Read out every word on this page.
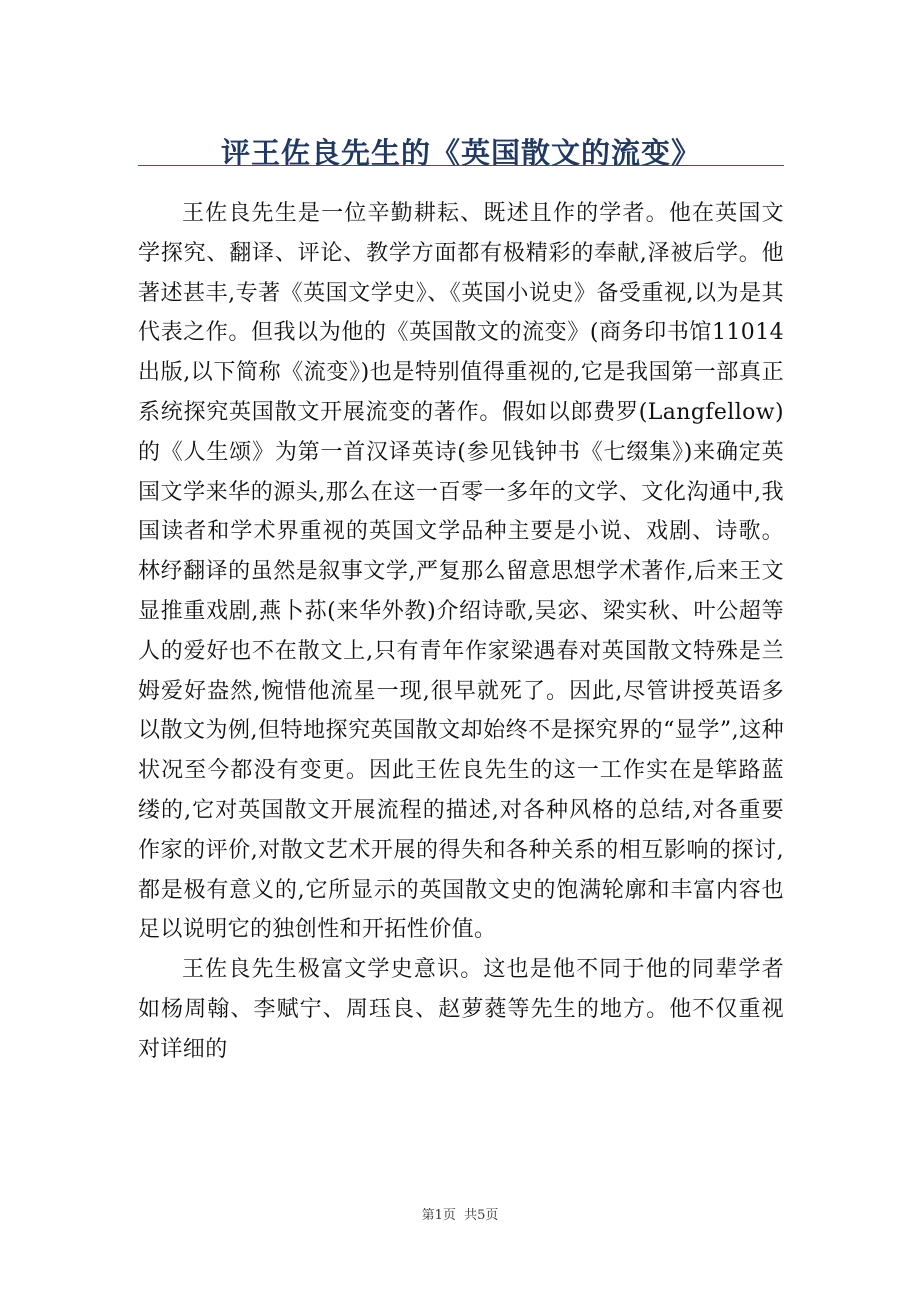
评王佐良先生的《英国散文的流变》

王佐良先生是一位辛勤耕耘、既述且作的学者。他在英国文学探究、翻译、评论、教学方面都有极精彩的奉献,泽被后学。他著述甚丰,专著《英国文学史》、《英国小说史》备受重视,以为是其代表之作。但我以为他的《英国散文的流变》(商务印书馆11014出版,以下简称《流变》)也是特别值得重视的,它是我国第一部真正系统探究英国散文开展流变的著作。假如以郎费罗(Langfellow)的《人生颂》为第一首汉译英诗(参见钱钟书《七缀集》)来确定英国文学来华的源头,那么在这一百零一多年的文学、文化沟通中,我国读者和学术界重视的英国文学品种主要是小说、戏剧、诗歌。林纾翻译的虽然是叙事文学,严复那么留意思想学术著作,后来王文显推重戏剧,燕卜荪(来华外教)介绍诗歌,吴宓、梁实秋、叶公超等人的爱好也不在散文上,只有青年作家梁遇春对英国散文特殊是兰姆爱好盎然,惋惜他流星一现,很早就死了。因此,尽管讲授英语多以散文为例,但特地探究英国散文却始终不是探究界的“显学”,这种状况至今都没有变更。因此王佐良先生的这一工作实在是筚路蓝缕的,它对英国散文开展流程的描述,对各种风格的总结,对各重要作家的评价,对散文艺术开展的得失和各种关系的相互影响的探讨,都是极有意义的,它所显示的英国散文史的饱满轮廓和丰富内容也足以说明它的独创性和开拓性价值。

王佐良先生极富文学史意识。这也是他不同于他的同辈学者如杨周翰、李赋宁、周珏良、赵萝蕤等先生的地方。他不仅重视对详细的

第1页 共5页
